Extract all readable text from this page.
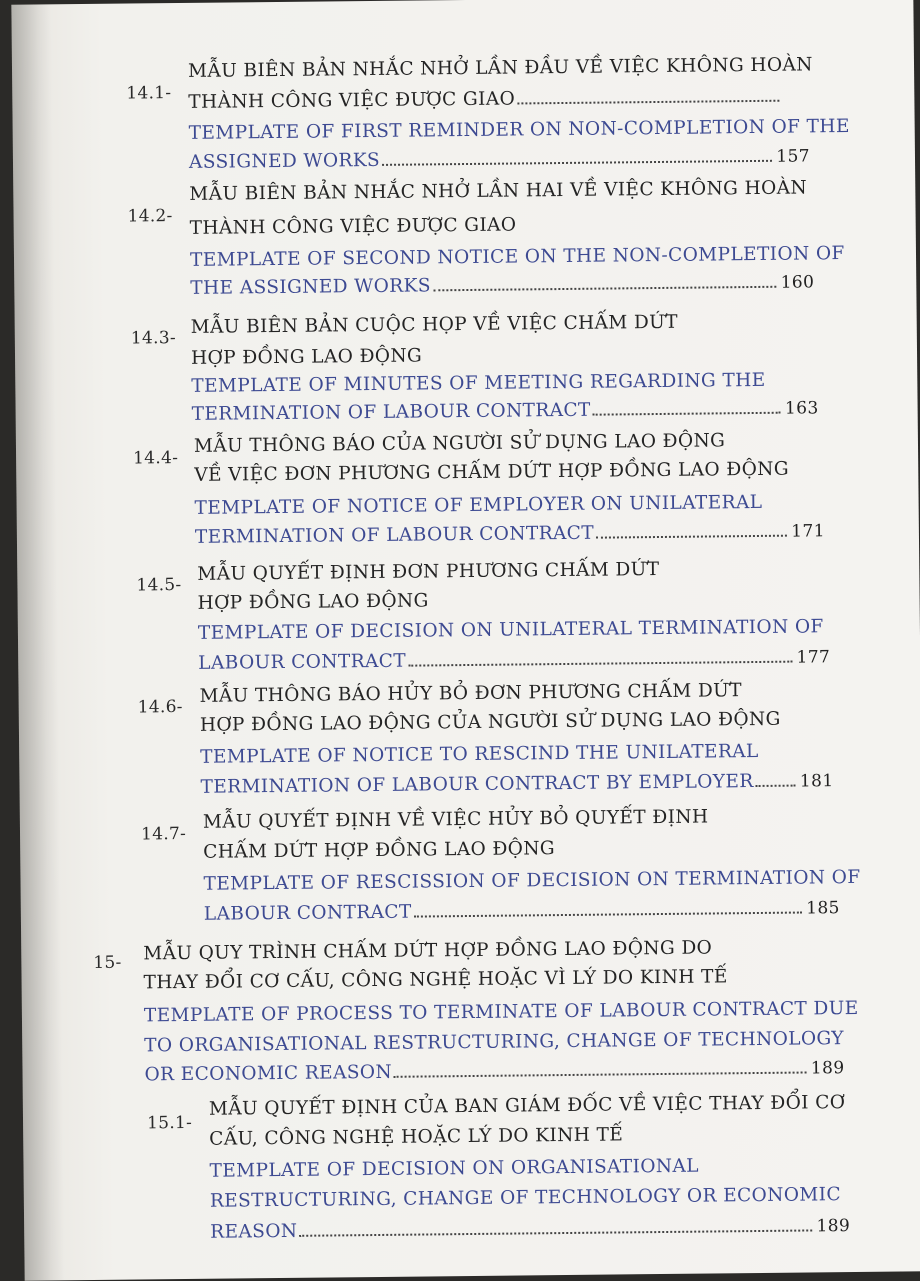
14.1-
MẪU BIÊN BẢN NHẮC NHỞ LẦN ĐẦU VỀ VIỆC KHÔNG HOÀN
THÀNH CÔNG VIỆC ĐƯỢC GIAO
TEMPLATE OF FIRST REMINDER ON NON-COMPLETION OF THE
ASSIGNED WORKS	157
14.2-
MẪU BIÊN BẢN NHẮC NHỞ LẦN HAI VỀ VIỆC KHÔNG HOÀN
THÀNH CÔNG VIỆC ĐƯỢC GIAO
TEMPLATE OF SECOND NOTICE ON THE NON-COMPLETION OF
THE ASSIGNED WORKS	160
14.3-
MẪU BIÊN BẢN CUỘC HỌP VỀ VIỆC CHẤM DỨT
HỢP ĐỒNG LAO ĐỘNG
TEMPLATE OF MINUTES OF MEETING REGARDING THE
TERMINATION OF LABOUR CONTRACT	163
14.4-
MẪU THÔNG BÁO CỦA NGƯỜI SỬ DỤNG LAO ĐỘNG
VỀ VIỆC ĐƠN PHƯƠNG CHẤM DỨT HỢP ĐỒNG LAO ĐỘNG
TEMPLATE OF NOTICE OF EMPLOYER ON UNILATERAL
TERMINATION OF LABOUR CONTRACT	171
14.5-
MẪU QUYẾT ĐỊNH ĐƠN PHƯƠNG CHẤM DỨT
HỢP ĐỒNG LAO ĐỘNG
TEMPLATE OF DECISION ON UNILATERAL TERMINATION OF
LABOUR CONTRACT	177
14.6-
MẪU THÔNG BÁO HỦY BỎ ĐƠN PHƯƠNG CHẤM DỨT
HỢP ĐỒNG LAO ĐỘNG CỦA NGƯỜI SỬ DỤNG LAO ĐỘNG
TEMPLATE OF NOTICE TO RESCIND THE UNILATERAL
TERMINATION OF LABOUR CONTRACT BY EMPLOYER	181
14.7-
MẪU QUYẾT ĐỊNH VỀ VIỆC HỦY BỎ QUYẾT ĐỊNH
CHẤM DỨT HỢP ĐỒNG LAO ĐỘNG
TEMPLATE OF RESCISSION OF DECISION ON TERMINATION OF
LABOUR CONTRACT	185
15- MẪU QUY TRÌNH CHẤM DỨT HỢP ĐỒNG LAO ĐỘNG DO
THAY ĐỔI CƠ CẤU, CÔNG NGHỆ HOẶC VÌ LÝ DO KINH TẾ
TEMPLATE OF PROCESS TO TERMINATE OF LABOUR CONTRACT DUE
TO ORGANISATIONAL RESTRUCTURING, CHANGE OF TECHNOLOGY
OR ECONOMIC REASON	189
15.1-
MẪU QUYẾT ĐỊNH CỦA BAN GIÁM ĐỐC VỀ VIỆC THAY ĐỔI CƠ
CẤU, CÔNG NGHỆ HOẶC LÝ DO KINH TẾ
TEMPLATE OF DECISION ON ORGANISATIONAL
RESTRUCTURING, CHANGE OF TECHNOLOGY OR ECONOMIC
REASON	189
